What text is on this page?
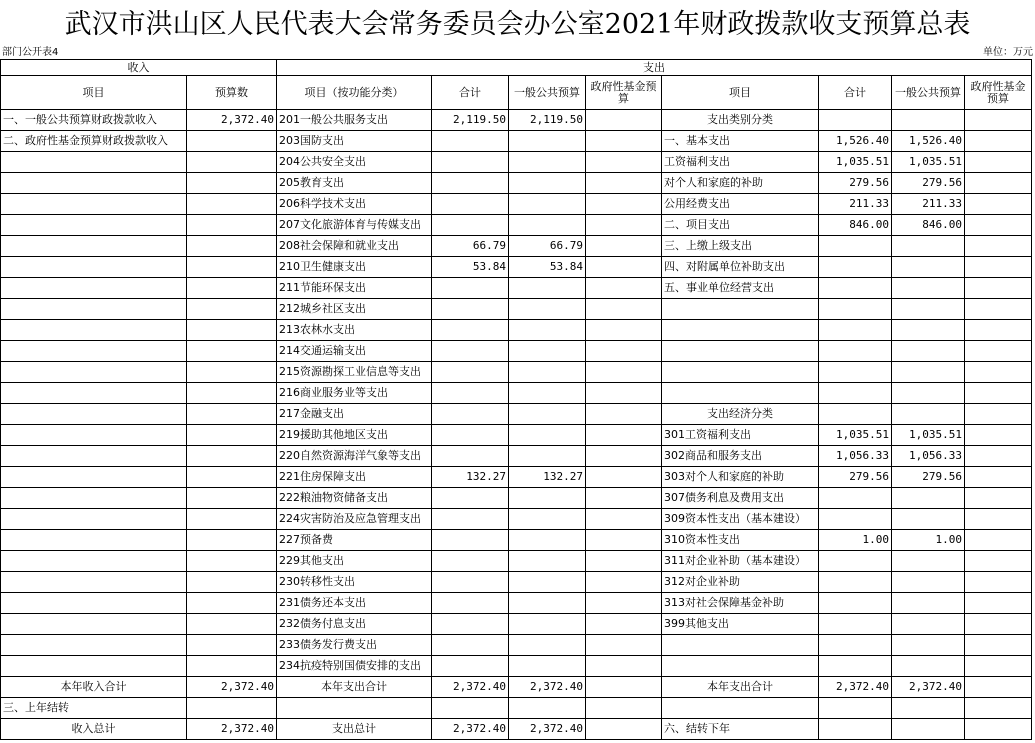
武汉市洪山区人民代表大会常务委员会办公室2021年财政拨款收支预算总表
部门公开表4	单位：万元
收入		支出							
项目	预算数	项目（按功能分类）	合计	一般公共预算	政府性基金预算	项目	合计	一般公共预算	政府性基金预算
一、一般公共预算财政拨款收入	2,372.40	201一般公共服务支出	2,119.50	2,119.50		支出类别分类			
二、政府性基金预算财政拨款收入		203国防支出				一、基本支出	1,526.40	1,526.40	
		204公共安全支出				工资福利支出	1,035.51	1,035.51	
		205教育支出				对个人和家庭的补助	279.56	279.56	
		206科学技术支出				公用经费支出	211.33	211.33	
		207文化旅游体育与传媒支出				二、项目支出	846.00	846.00	
		208社会保障和就业支出	66.79	66.79		三、上缴上级支出			
		210卫生健康支出	53.84	53.84		四、对附属单位补助支出			
		211节能环保支出				五、事业单位经营支出			
		212城乡社区支出							
		213农林水支出							
		214交通运输支出							
		215资源勘探工业信息等支出							
		216商业服务业等支出							
		217金融支出				支出经济分类			
		219援助其他地区支出				301工资福利支出	1,035.51	1,035.51	
		220自然资源海洋气象等支出				302商品和服务支出	1,056.33	1,056.33	
		221住房保障支出	132.27	132.27		303对个人和家庭的补助	279.56	279.56	
		222粮油物资储备支出				307债务利息及费用支出			
		224灾害防治及应急管理支出				309资本性支出（基本建设）			
		227预备费				310资本性支出	1.00	1.00	
		229其他支出				311对企业补助（基本建设）			
		230转移性支出				312对企业补助			
		231债务还本支出				313对社会保障基金补助			
		232债务付息支出				399其他支出			
		233债务发行费支出							
		234抗疫特别国债安排的支出							
本年收入合计	2,372.40	本年支出合计	2,372.40	2,372.40		本年支出合计	2,372.40	2,372.40	
三、上年结转									
收入总计	2,372.40	支出总计	2,372.40	2,372.40		六、结转下年			
